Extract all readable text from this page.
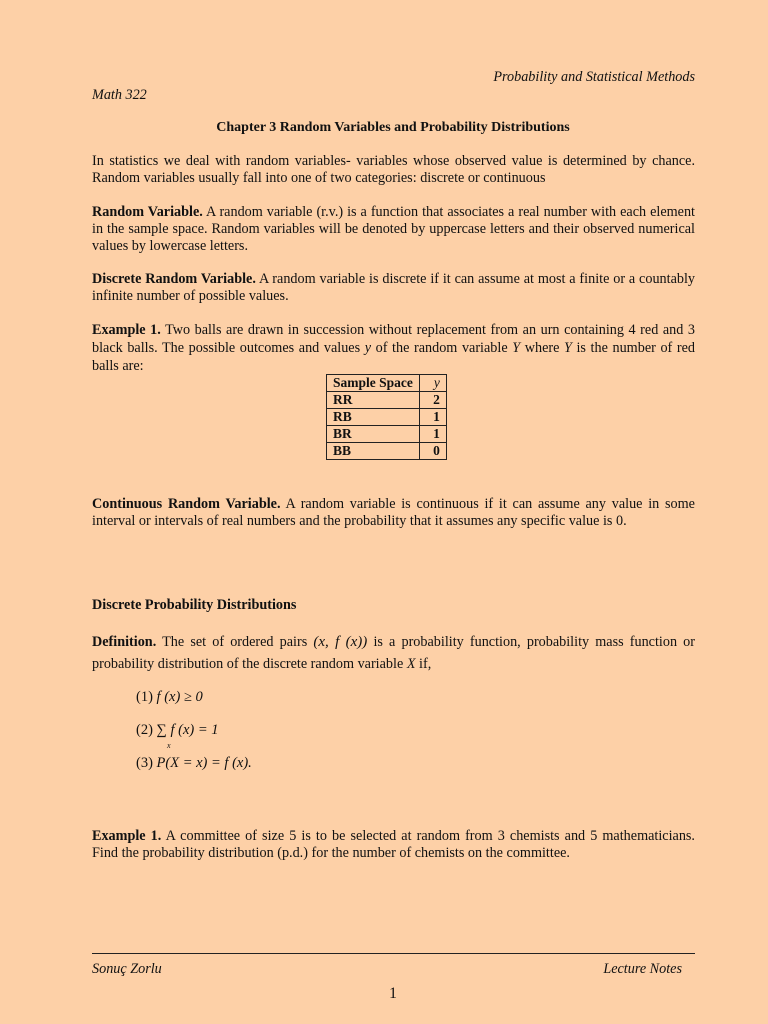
Probability and Statistical Methods
Math 322
Chapter 3 Random Variables and Probability Distributions
In statistics we deal with random variables- variables whose observed value is determined by chance. Random variables usually fall into one of two categories: discrete or continuous
Random Variable. A random variable (r.v.) is a function that associates a real number with each element in the sample space. Random variables will be denoted by uppercase letters and their observed numerical values by lowercase letters.
Discrete Random Variable. A random variable is discrete if it can assume at most a finite or a countably infinite number of possible values.
Example 1. Two balls are drawn in succession without replacement from an urn containing 4 red and 3 black balls. The possible outcomes and values y of the random variable Y where Y is the number of red balls are:
Sample Space	y
RR	2
RB	1
BR	1
BB	0
Continuous Random Variable. A random variable is continuous if it can assume any value in some interval or intervals of real numbers and the probability that it assumes any specific value is 0.
Discrete Probability Distributions
Definition. The set of ordered pairs (x, f (x)) is a probability function, probability mass function or probability distribution of the discrete random variable X if,
(1) f (x) ≥ 0
(2) ∑ f (x) = 1
x
(3) P(X = x) = f (x).
Example 1. A committee of size 5 is to be selected at random from 3 chemists and 5 mathematicians. Find the probability distribution (p.d.) for the number of chemists on the committee.
Sonuç Zorlu	Lecture Notes
1
